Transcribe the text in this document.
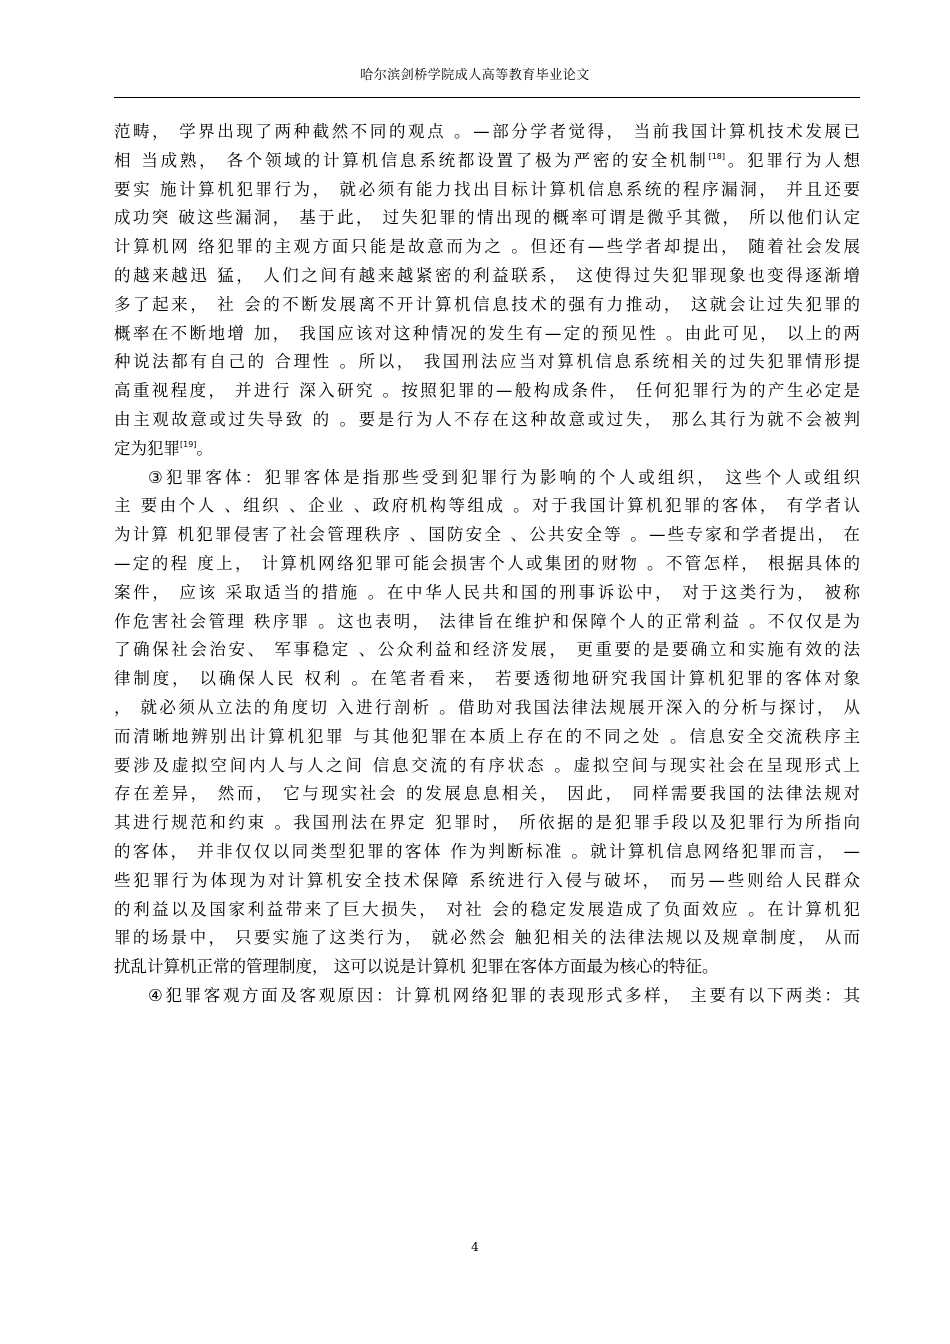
哈尔滨剑桥学院成人高等教育毕业论文
范畴， 学界出现了两种截然不同的观点 。—部分学者觉得， 当前我国计算机技术发展已
相 当成熟， 各个领域的计算机信息系统都设置了极为严密的安全机制[18]。犯罪行为人想
要实 施计算机犯罪行为， 就必须有能力找出目标计算机信息系统的程序漏洞， 并且还要
成功突 破这些漏洞， 基于此， 过失犯罪的情出现的概率可谓是微乎其微， 所以他们认定
计算机网 络犯罪的主观方面只能是故意而为之 。但还有—些学者却提出， 随着社会发展
的越来越迅 猛， 人们之间有越来越紧密的利益联系， 这使得过失犯罪现象也变得逐渐增
多了起来， 社 会的不断发展离不开计算机信息技术的强有力推动， 这就会让过失犯罪的
概率在不断地增 加， 我国应该对这种情况的发生有—定的预见性 。由此可见， 以上的两
种说法都有自己的 合理性 。所以， 我国刑法应当对算机信息系统相关的过失犯罪情形提
高重视程度， 并进行 深入研究 。按照犯罪的—般构成条件， 任何犯罪行为的产生必定是
由主观故意或过失导致 的 。要是行为人不存在这种故意或过失， 那么其行为就不会被判
定为犯罪[19]。
③犯罪客体：犯罪客体是指那些受到犯罪行为影响的个人或组织， 这些个人或组织
主 要由个人 、组织 、企业 、政府机构等组成 。对于我国计算机犯罪的客体， 有学者认
为计算 机犯罪侵害了社会管理秩序 、国防安全 、公共安全等 。—些专家和学者提出， 在
—定的程 度上， 计算机网络犯罪可能会损害个人或集团的财物 。不管怎样， 根据具体的
案件， 应该 采取适当的措施 。在中华人民共和国的刑事诉讼中， 对于这类行为， 被称
作危害社会管理 秩序罪 。这也表明， 法律旨在维护和保障个人的正常利益 。不仅仅是为
了确保社会治安、 军事稳定 、公众利益和经济发展， 更重要的是要确立和实施有效的法
律制度， 以确保人民 权利 。在笔者看来， 若要透彻地研究我国计算机犯罪的客体对象
， 就必须从立法的角度切 入进行剖析 。借助对我国法律法规展开深入的分析与探讨， 从
而清晰地辨别出计算机犯罪 与其他犯罪在本质上存在的不同之处 。信息安全交流秩序主
要涉及虚拟空间内人与人之间 信息交流的有序状态 。虚拟空间与现实社会在呈现形式上
存在差异， 然而， 它与现实社会 的发展息息相关， 因此， 同样需要我国的法律法规对
其进行规范和约束 。我国刑法在界定 犯罪时， 所依据的是犯罪手段以及犯罪行为所指向
的客体， 并非仅仅以同类型犯罪的客体 作为判断标准 。就计算机信息网络犯罪而言， —
些犯罪行为体现为对计算机安全技术保障 系统进行入侵与破坏， 而另—些则给人民群众
的利益以及国家利益带来了巨大损失， 对社 会的稳定发展造成了负面效应 。在计算机犯
罪的场景中， 只要实施了这类行为， 就必然会 触犯相关的法律法规以及规章制度， 从而
扰乱计算机正常的管理制度， 这可以说是计算机 犯罪在客体方面最为核心的特征。
④犯罪客观方面及客观原因：计算机网络犯罪的表现形式多样， 主要有以下两类：其
4
